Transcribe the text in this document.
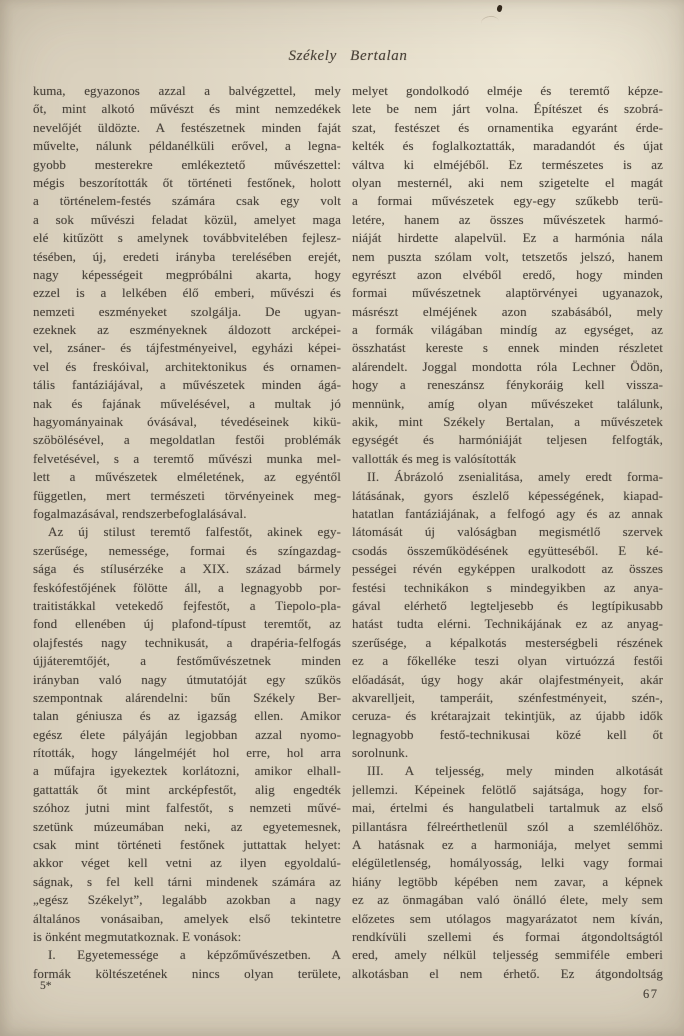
Székely Bertalan
kuma, egyazonos azzal a balvégzettel, mely
őt, mint alkotó művészt és mint nemzedékek
nevelőjét üldözte. A festészetnek minden faját
művelte, nálunk példanélküli erővel, a legna-
gyobb mesterekre emlékeztető művészettel:
mégis beszorították őt történeti festőnek, holott
a történelem-festés számára csak egy volt
a sok művészi feladat közül, amelyet maga
elé kitűzött s amelynek továbbvitelében fejlesz-
tésében, új, eredeti irányba terelésében erejét,
nagy képességeit megpróbálni akarta, hogy
ezzel is a lelkében élő emberi, művészi és
nemzeti eszményeket szolgálja. De ugyan-
ezeknek az eszményeknek áldozott arcképei-
vel, zsáner- és tájfestményeivel, egyházi képei-
vel és freskóival, architektonikus és ornamen-
tális fantáziájával, a művészetek minden ágá-
nak és fajának művelésével, a multak jó
hagyományainak óvásával, tévedéseinek kikü-
szöbölésével, a megoldatlan festői problémák
felvetésével, s a teremtő művészi munka mel-
lett a művészetek elméletének, az egyéntől
független, mert természeti törvényeinek meg-
fogalmazásával, rendszerbefoglalásával.
Az új stilust teremtő falfestőt, akinek egy-
szerűsége, nemessége, formai és színgazdag-
sága és stílusérzéke a XIX. század bármely
feskófestőjének fölötte áll, a legnagyobb por-
traitistákkal vetekedő fejfestőt, a Tiepolo-pla-
fond ellenében új plafond-típust teremtőt, az
olajfestés nagy technikusát, a drapéria-felfogás
újjáteremtőjét, a festőművészetnek minden
irányban való nagy útmutatóját egy szűkös
szempontnak alárendelni: bűn Székely Ber-
talan géniusza és az igazság ellen. Amikor
egész élete pályáján legjobban azzal nyomo-
rították, hogy lángelméjét hol erre, hol arra
a műfajra igyekeztek korlátozni, amikor elhall-
gattatták őt mint arcképfestőt, alig engedték
szóhoz jutni mint falfestőt, s nemzeti művé-
szetünk múzeumában neki, az egyetemesnek,
csak mint történeti festőnek juttattak helyet:
akkor véget kell vetni az ilyen egyoldalú-
ságnak, s fel kell tárni mindenek számára az
„egész Székelyt”, legalább azokban a nagy
általános vonásaiban, amelyek első tekintetre
is önként megmutatkoznak. E vonások:
I. Egyetemessége a képzőművészetben. A
formák költészetének nincs olyan területe,
melyet gondolkodó elméje és teremtő képze-
lete be nem járt volna. Építészet és szobrá-
szat, festészet és ornamentika egyaránt érde-
kelték és foglalkoztatták, maradandót és újat
váltva ki elméjéből. Ez természetes is az
olyan mesternél, aki nem szigetelte el magát
a formai művészetek egy-egy szűkebb terü-
letére, hanem az összes művészetek harmó-
niáját hirdette alapelvül. Ez a harmónia nála
nem puszta szólam volt, tetszetős jelszó, hanem
egyrészt azon elvéből eredő, hogy minden
formai művészetnek alaptörvényei ugyanazok,
másrészt elméjének azon szabásából, mely
a formák világában mindíg az egységet, az
összhatást kereste s ennek minden részletet
alárendelt. Joggal mondotta róla Lechner Ödön,
hogy a reneszánsz fénykoráig kell vissza-
mennünk, amíg olyan művészeket találunk,
akik, mint Székely Bertalan, a művészetek
egységét és harmóniáját teljesen felfogták,
vallották és meg is valósították
II. Ábrázoló zsenialitása, amely eredt forma-
látásának, gyors észlelő képességének, kiapad-
hatatlan fantáziájának, a felfogó agy és az annak
látomását új valóságban megismétlő szervek
csodás összeműködésének együtteséből. E ké-
pességei révén egyképpen uralkodott az összes
festési technikákon s mindegyikben az anya-
gával elérhető legteljesebb és legtípikusabb
hatást tudta elérni. Technikájának ez az anyag-
szerűsége, a képalkotás mesterségbeli részének
ez a főkelléke teszi olyan virtuózzá festői
előadását, úgy hogy akár olajfestményeit, akár
akvarelljeit, tamperáit, szénfestményeit, szén-,
ceruza- és krétarajzait tekintjük, az újabb idők
legnagyobb festő-technikusai közé kell őt
sorolnunk.
III. A teljesség, mely minden alkotását
jellemzi. Képeinek felötlő sajátsága, hogy for-
mai, értelmi és hangulatbeli tartalmuk az első
pillantásra félreérthetlenül szól a szemlélőhöz.
A hatásnak ez a harmoniája, melyet semmi
elégületlenség, homályosság, lelki vagy formai
hiány legtöbb képében nem zavar, a képnek
ez az önmagában való önálló élete, mely sem
előzetes sem utólagos magyarázatot nem kíván,
rendkívüli szellemi és formai átgondoltságtól
ered, amely nélkül teljesség semmiféle emberi
alkotásban el nem érhető. Ez átgondoltság
5*
67
